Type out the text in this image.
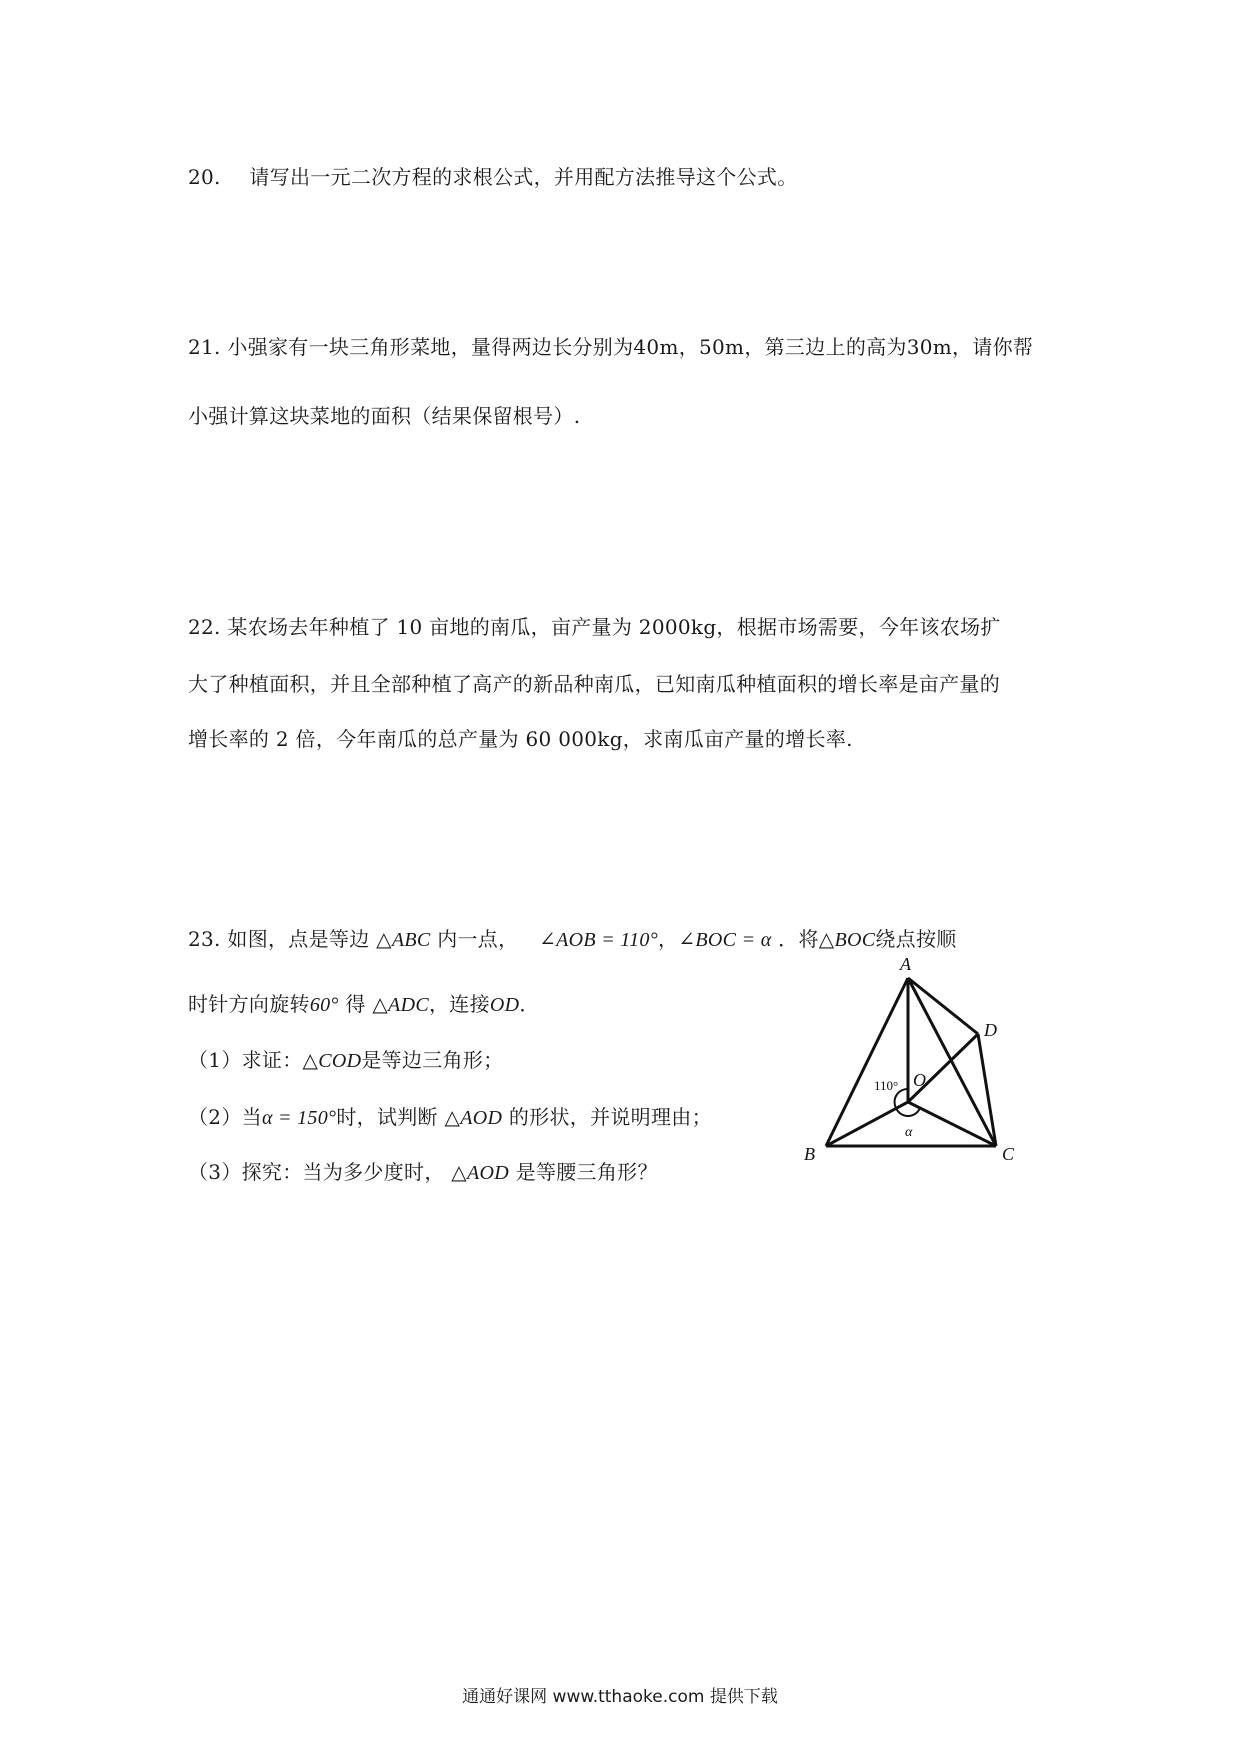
20. 请写出一元二次方程的求根公式，并用配方法推导这个公式。
21. 小强家有一块三角形菜地，量得两边长分别为40m，50m，第三边上的高为30m，请你帮
小强计算这块菜地的面积（结果保留根号）.
22. 某农场去年种植了 10 亩地的南瓜，亩产量为 2000kg，根据市场需要，今年该农场扩
大了种植面积，并且全部种植了高产的新品种南瓜，已知南瓜种植面积的增长率是亩产量的
增长率的 2 倍，今年南瓜的总产量为 60 000kg，求南瓜亩产量的增长率.
23. 如图，点是等边 △ABC 内一点， ∠AOB = 110°，∠BOC = α ．将△BOC绕点按顺
时针方向旋转60° 得 △ADC，连接OD．
（1）求证：△COD是等边三角形；
（2）当α = 150°时，试判断 △AOD 的形状，并说明理由；
（3）探究：当为多少度时， △AOD 是等腰三角形？
A
B	C
D
O
110°
α
通通好课网 www.tthaoke.com 提供下载
